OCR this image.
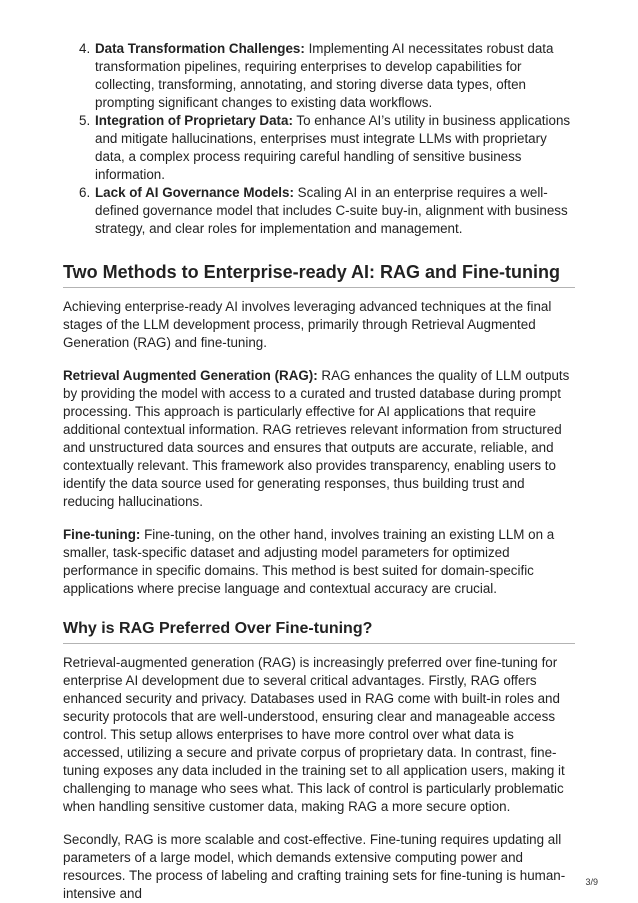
4. Data Transformation Challenges: Implementing AI necessitates robust data transformation pipelines, requiring enterprises to develop capabilities for collecting, transforming, annotating, and storing diverse data types, often prompting significant changes to existing data workflows.
5. Integration of Proprietary Data: To enhance AI’s utility in business applications and mitigate hallucinations, enterprises must integrate LLMs with proprietary data, a complex process requiring careful handling of sensitive business information.
6. Lack of AI Governance Models: Scaling AI in an enterprise requires a well-defined governance model that includes C-suite buy-in, alignment with business strategy, and clear roles for implementation and management.
Two Methods to Enterprise-ready AI: RAG and Fine-tuning

Achieving enterprise-ready AI involves leveraging advanced techniques at the final stages of the LLM development process, primarily through Retrieval Augmented Generation (RAG) and fine-tuning.

Retrieval Augmented Generation (RAG): RAG enhances the quality of LLM outputs by providing the model with access to a curated and trusted database during prompt processing. This approach is particularly effective for AI applications that require additional contextual information. RAG retrieves relevant information from structured and unstructured data sources and ensures that outputs are accurate, reliable, and contextually relevant. This framework also provides transparency, enabling users to identify the data source used for generating responses, thus building trust and reducing hallucinations.

Fine-tuning: Fine-tuning, on the other hand, involves training an existing LLM on a smaller, task-specific dataset and adjusting model parameters for optimized performance in specific domains. This method is best suited for domain-specific applications where precise language and contextual accuracy are crucial.

Why is RAG Preferred Over Fine-tuning?

Retrieval-augmented generation (RAG) is increasingly preferred over fine-tuning for enterprise AI development due to several critical advantages. Firstly, RAG offers enhanced security and privacy. Databases used in RAG come with built-in roles and security protocols that are well-understood, ensuring clear and manageable access control. This setup allows enterprises to have more control over what data is accessed, utilizing a secure and private corpus of proprietary data. In contrast, fine-tuning exposes any data included in the training set to all application users, making it challenging to manage who sees what. This lack of control is particularly problematic when handling sensitive customer data, making RAG a more secure option.

Secondly, RAG is more scalable and cost-effective. Fine-tuning requires updating all parameters of a large model, which demands extensive computing power and resources. The process of labeling and crafting training sets for fine-tuning is human-intensive and

3/9
